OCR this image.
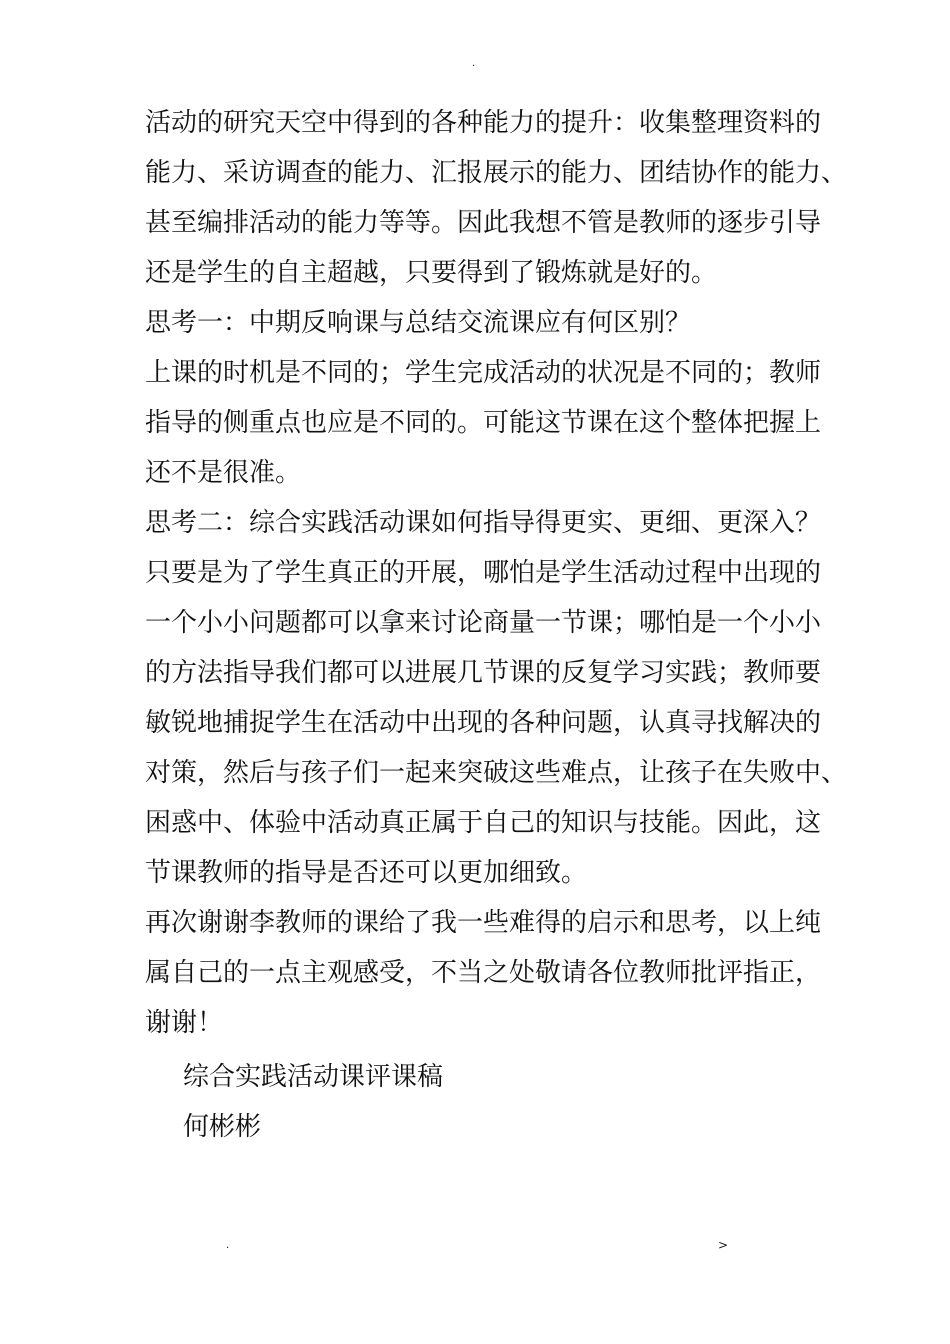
.
活动的研究天空中得到的各种能力的提升：收集整理资料的
能力、采访调查的能力、汇报展示的能力、团结协作的能力、
甚至编排活动的能力等等。因此我想不管是教师的逐步引导
还是学生的自主超越，只要得到了锻炼就是好的。
思考一：中期反响课与总结交流课应有何区别？
上课的时机是不同的；学生完成活动的状况是不同的；教师
指导的侧重点也应是不同的。可能这节课在这个整体把握上
还不是很准。
思考二：综合实践活动课如何指导得更实、更细、更深入？
只要是为了学生真正的开展，哪怕是学生活动过程中出现的
一个小小问题都可以拿来讨论商量一节课；哪怕是一个小小
的方法指导我们都可以进展几节课的反复学习实践；教师要
敏锐地捕捉学生在活动中出现的各种问题，认真寻找解决的
对策，然后与孩子们一起来突破这些难点，让孩子在失败中、
困惑中、体验中活动真正属于自己的知识与技能。因此，这
节课教师的指导是否还可以更加细致。
再次谢谢李教师的课给了我一些难得的启示和思考，以上纯
属自己的一点主观感受，不当之处敬请各位教师批评指正，
谢谢！
综合实践活动课评课稿
何彬彬
.	>
